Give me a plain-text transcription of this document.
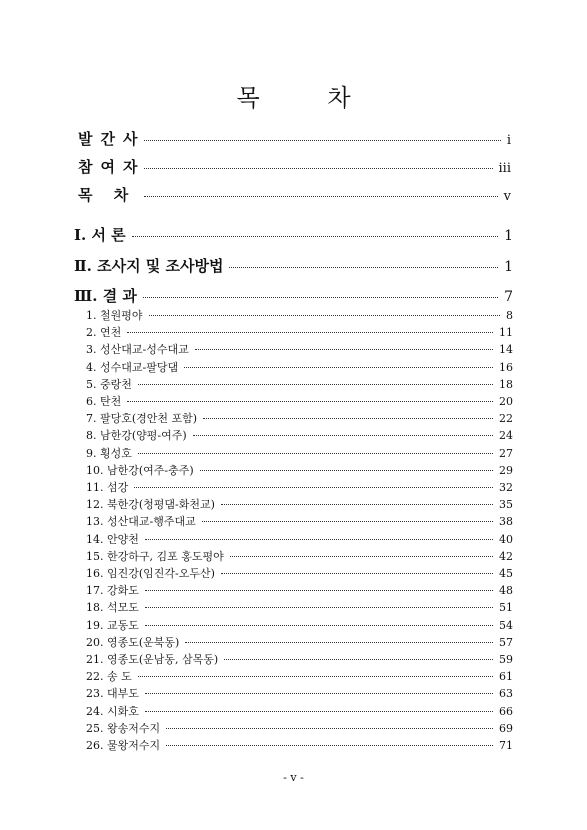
목 차
발간사	i
참여자	iii
목 차	v
Ⅰ. 서 론	1
Ⅱ. 조사지 및 조사방법	1
Ⅲ. 결 과	7
1. 철원평야	8
2. 연천	11
3. 성산대교-성수대교	14
4. 성수대교-팔당댐	16
5. 중랑천	18
6. 탄천	20
7. 팔당호(경안천 포함)	22
8. 남한강(양평-여주)	24
9. 횡성호	27
10. 남한강(여주-충주)	29
11. 섬강	32
12. 북한강(청평댐-화천교)	35
13. 성산대교-행주대교	38
14. 안양천	40
15. 한강하구, 김포 홍도평야	42
16. 임진강(임진각-오두산)	45
17. 강화도	48
18. 석모도	51
19. 교동도	54
20. 영종도(운북동)	57
21. 영종도(운남동, 삼목동)	59
22. 송 도	61
23. 대부도	63
24. 시화호	66
25. 왕송저수지	69
26. 물왕저수지	71
- v -
